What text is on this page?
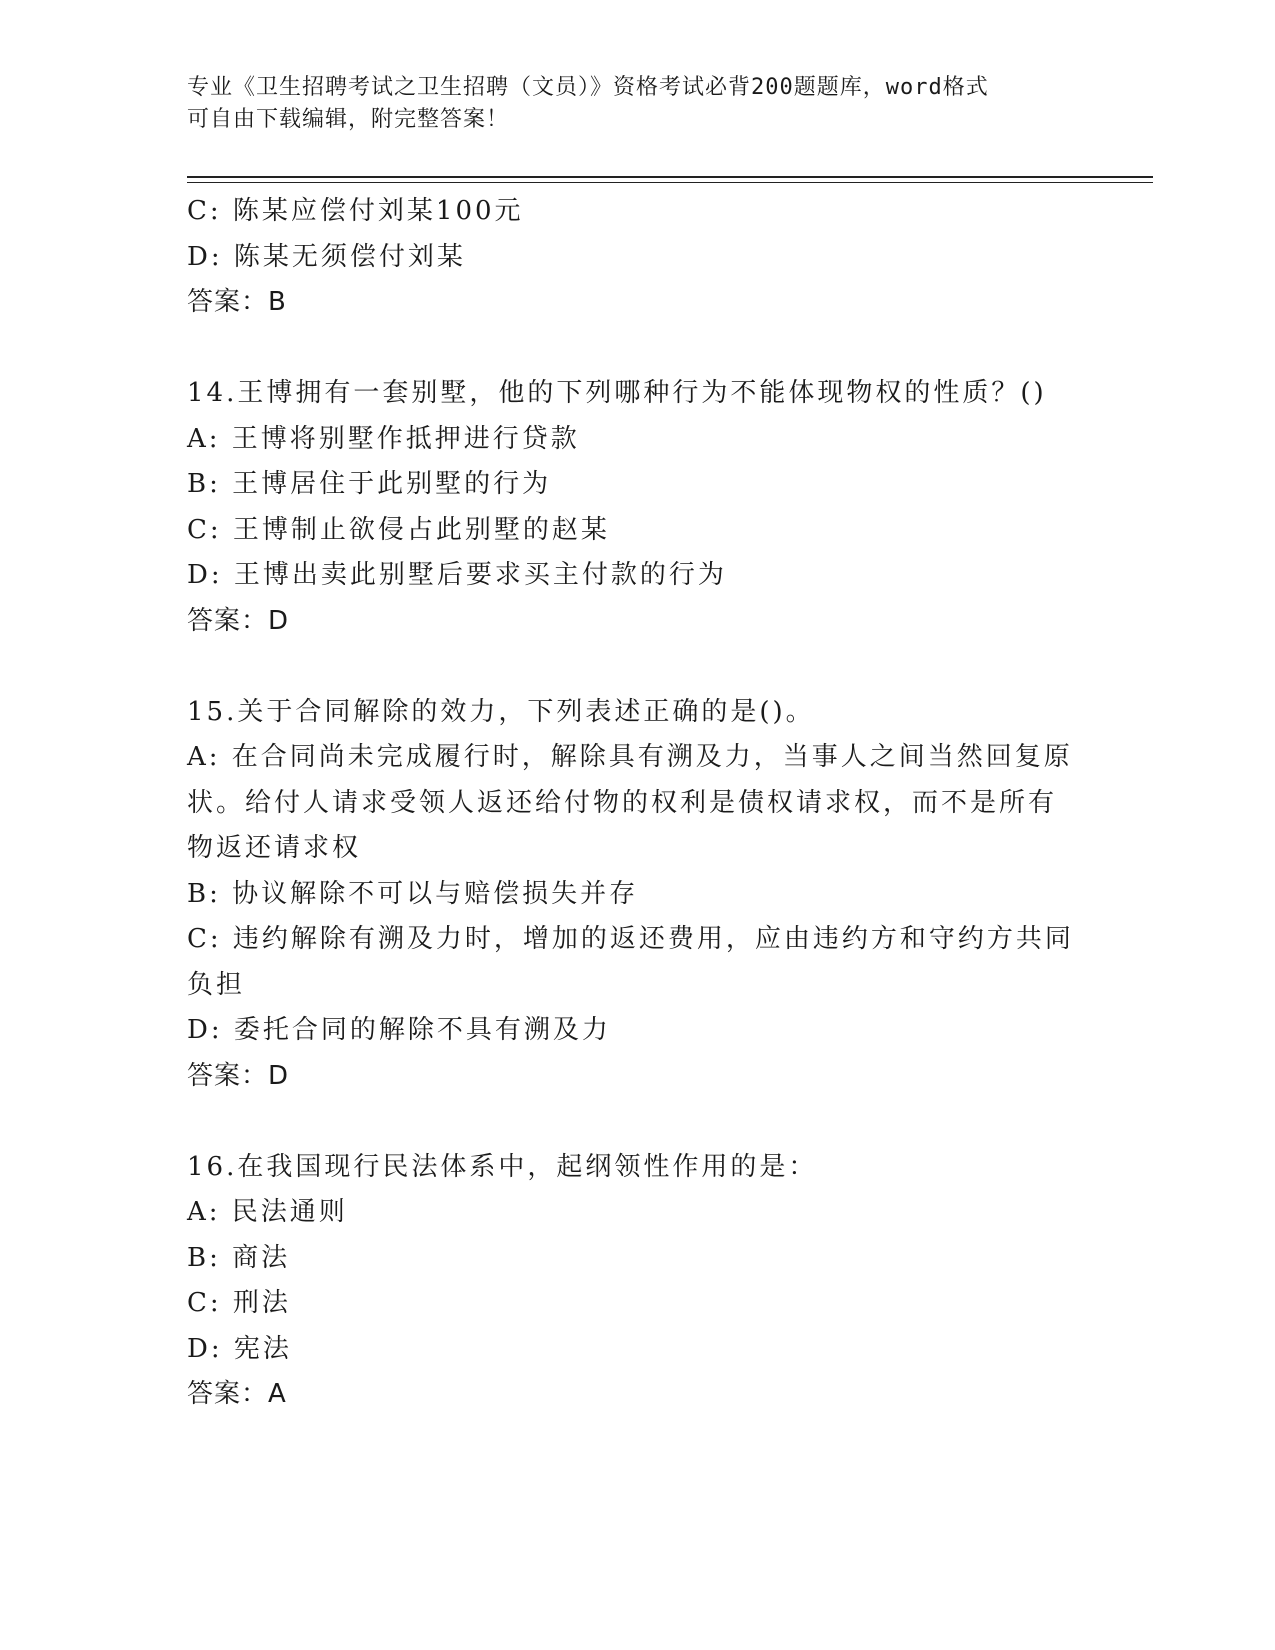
专业《卫生招聘考试之卫生招聘（文员）》资格考试必背200题题库，word格式
可自由下载编辑，附完整答案！
C: 陈某应偿付刘某100元
D: 陈某无须偿付刘某
答案：B
14.王博拥有一套别墅，他的下列哪种行为不能体现物权的性质？()
A: 王博将别墅作抵押进行贷款
B: 王博居住于此别墅的行为
C: 王博制止欲侵占此别墅的赵某
D: 王博出卖此别墅后要求买主付款的行为
答案：D
15.关于合同解除的效力，下列表述正确的是()。
A: 在合同尚未完成履行时，解除具有溯及力，当事人之间当然回复原
状。给付人请求受领人返还给付物的权利是债权请求权，而不是所有
物返还请求权
B: 协议解除不可以与赔偿损失并存
C: 违约解除有溯及力时，增加的返还费用，应由违约方和守约方共同
负担
D: 委托合同的解除不具有溯及力
答案：D
16.在我国现行民法体系中，起纲领性作用的是：
A: 民法通则
B: 商法
C: 刑法
D: 宪法
答案：A
